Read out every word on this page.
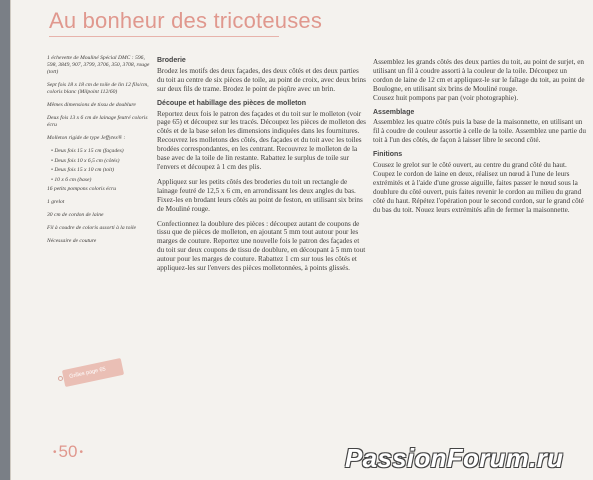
Au bonheur des tricoteuses

1 échevette de Mouliné Spécial DMC : 596, 598, 3849, 907, 3799, 3706, 350, 3708, rouge (tott)

Sept fois 18 x 18 cm de toile de lin 12 fils/cm, coloris blanc (Milpoint 112/60)

Mêmes dimensions de tissu de doublure

Deux fois 13 x 6 cm de lainage feutré coloris écru

Molleton rigide de type Jeffytex® :

• Deux fois 15 x 15 cm (façades)

• Deux fois 10 x 6,5 cm (côtés)

• Deux fois 15 x 10 cm (toit)

• 10 x 6 cm (base)

16 petits pompons coloris écru

1 grelot

30 cm de cordon de laine

Fil à coudre de coloris assorti à la toile

Nécessaire de couture

Grilles page 65
Broderie

Brodez les motifs des deux façades, des deux côtés et des deux parties du toit au centre de six pièces de toile, au point de croix, avec deux brins sur deux fils de trame. Brodez le point de piqûre avec un brin.

Découpe et habillage des pièces de molleton

Reportez deux fois le patron des façades et du toit sur le molleton (voir page 65) et découpez sur les tracés. Découpez les pièces de molleton des côtés et de la base selon les dimensions indiquées dans les fournitures. Recouvrez les molletons des côtés, des façades et du toit avec les toiles brodées correspondantes, en les centrant. Recouvrez le molleton de la base avec de la toile de lin restante. Rabattez le surplus de toile sur l'envers et découpez à 1 cm des plis.

Appliquez sur les petits côtés des broderies du toit un rectangle de lainage feutré de 12,5 x 6 cm, en arrondissant les deux angles du bas. Fixez-les en brodant leurs côtés au point de feston, en utilisant six brins de Mouliné rouge.

Confectionnez la doublure des pièces : découpez autant de coupons de tissu que de pièces de molleton, en ajoutant 5 mm tout autour pour les marges de couture. Reportez une nouvelle fois le patron des façades et du toit sur deux coupons de tissu de doublure, en découpant à 5 mm tout autour pour les marges de couture. Rabattez 1 cm sur tous les côtés et appliquez-les sur l'envers des pièces molletonnées, à points glissés.

Assemblez les grands côtés des deux parties du toit, au point de surjet, en utilisant un fil à coudre assorti à la couleur de la toile. Découpez un cordon de laine de 12 cm et appliquez-le sur le faîtage du toit, au point de Boulogne, en utilisant six brins de Mouliné rouge.

Cousez huit pompons par pan (voir photographie).

Assemblage

Assemblez les quatre côtés puis la base de la maisonnette, en utilisant un fil à coudre de couleur assortie à celle de la toile. Assemblez une partie du toit à l'un des côtés, de façon à laisser libre le second côté.

Finitions

Cousez le grelot sur le côté ouvert, au centre du grand côté du haut. Coupez le cordon de laine en deux, réalisez un nœud à l'une de leurs extrémités et à l'aide d'une grosse aiguille, faites passer le nœud sous la doublure du côté ouvert, puis faites revenir le cordon au milieu du grand côté du haut. Répétez l'opération pour le second cordon, sur le grand côté du bas du toit. Nouez leurs extrémités afin de fermer la maisonnette.

• 50 •	PassionForum.ru
